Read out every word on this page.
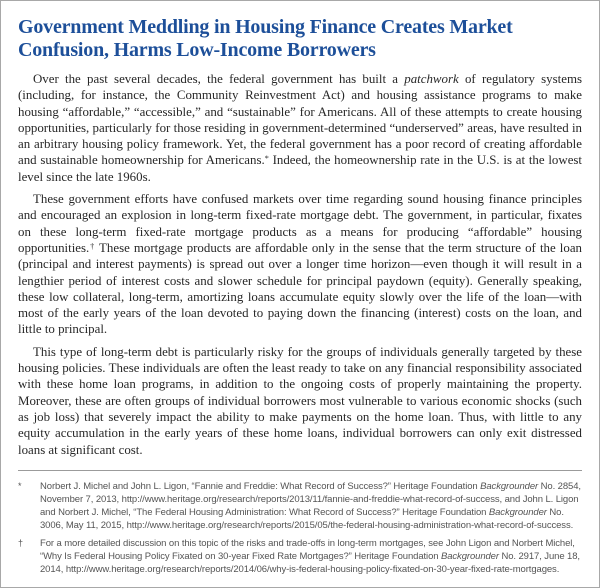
Government Meddling in Housing Finance Creates Market Confusion, Harms Low-Income Borrowers

Over the past several decades, the federal government has built a patchwork of regulatory systems (including, for instance, the Community Reinvestment Act) and housing assistance programs to make housing “affordable,” “accessible,” and “sustainable” for Americans. All of these attempts to create housing opportunities, particularly for those residing in government-determined “underserved” areas, have resulted in an arbitrary housing policy framework. Yet, the federal government has a poor record of creating affordable and sustainable homeownership for Americans.* Indeed, the homeownership rate in the U.S. is at the lowest level since the late 1960s.

These government efforts have confused markets over time regarding sound housing finance principles and encouraged an explosion in long-term fixed-rate mortgage debt. The government, in particular, fixates on these long-term fixed-rate mortgage products as a means for producing “affordable” housing opportunities.† These mortgage products are affordable only in the sense that the term structure of the loan (principal and interest payments) is spread out over a longer time horizon—even though it will result in a lengthier period of interest costs and slower schedule for principal paydown (equity). Generally speaking, these low collateral, long-term, amortizing loans accumulate equity slowly over the life of the loan—with most of the early years of the loan devoted to paying down the financing (interest) costs on the loan, and little to principal.

This type of long-term debt is particularly risky for the groups of individuals generally targeted by these housing policies. These individuals are often the least ready to take on any financial responsibility associated with these home loan programs, in addition to the ongoing costs of properly maintaining the property. Moreover, these are often groups of individual borrowers most vulnerable to various economic shocks (such as job loss) that severely impact the ability to make payments on the home loan. Thus, with little to any equity accumulation in the early years of these home loans, individual borrowers can only exit distressed loans at significant cost.

*	Norbert J. Michel and John L. Ligon, “Fannie and Freddie: What Record of Success?” Heritage Foundation Backgrounder No. 2854, November 7, 2013, http://www.heritage.org/research/reports/2013/11/fannie-and-freddie-what-record-of-success, and John L. Ligon and Norbert J. Michel, “The Federal Housing Administration: What Record of Success?” Heritage Foundation Backgrounder No. 3006, May 11, 2015, http://www.heritage.org/research/reports/2015/05/the-federal-housing-administration-what-record-of-success.
†	For a more detailed discussion on this topic of the risks and trade-offs in long-term mortgages, see John Ligon and Norbert Michel, “Why Is Federal Housing Policy Fixated on 30-year Fixed Rate Mortgages?” Heritage Foundation Backgrounder No. 2917, June 18, 2014, http://www.heritage.org/research/reports/2014/06/why-is-federal-housing-policy-fixated-on-30-year-fixed-rate-mortgages.
